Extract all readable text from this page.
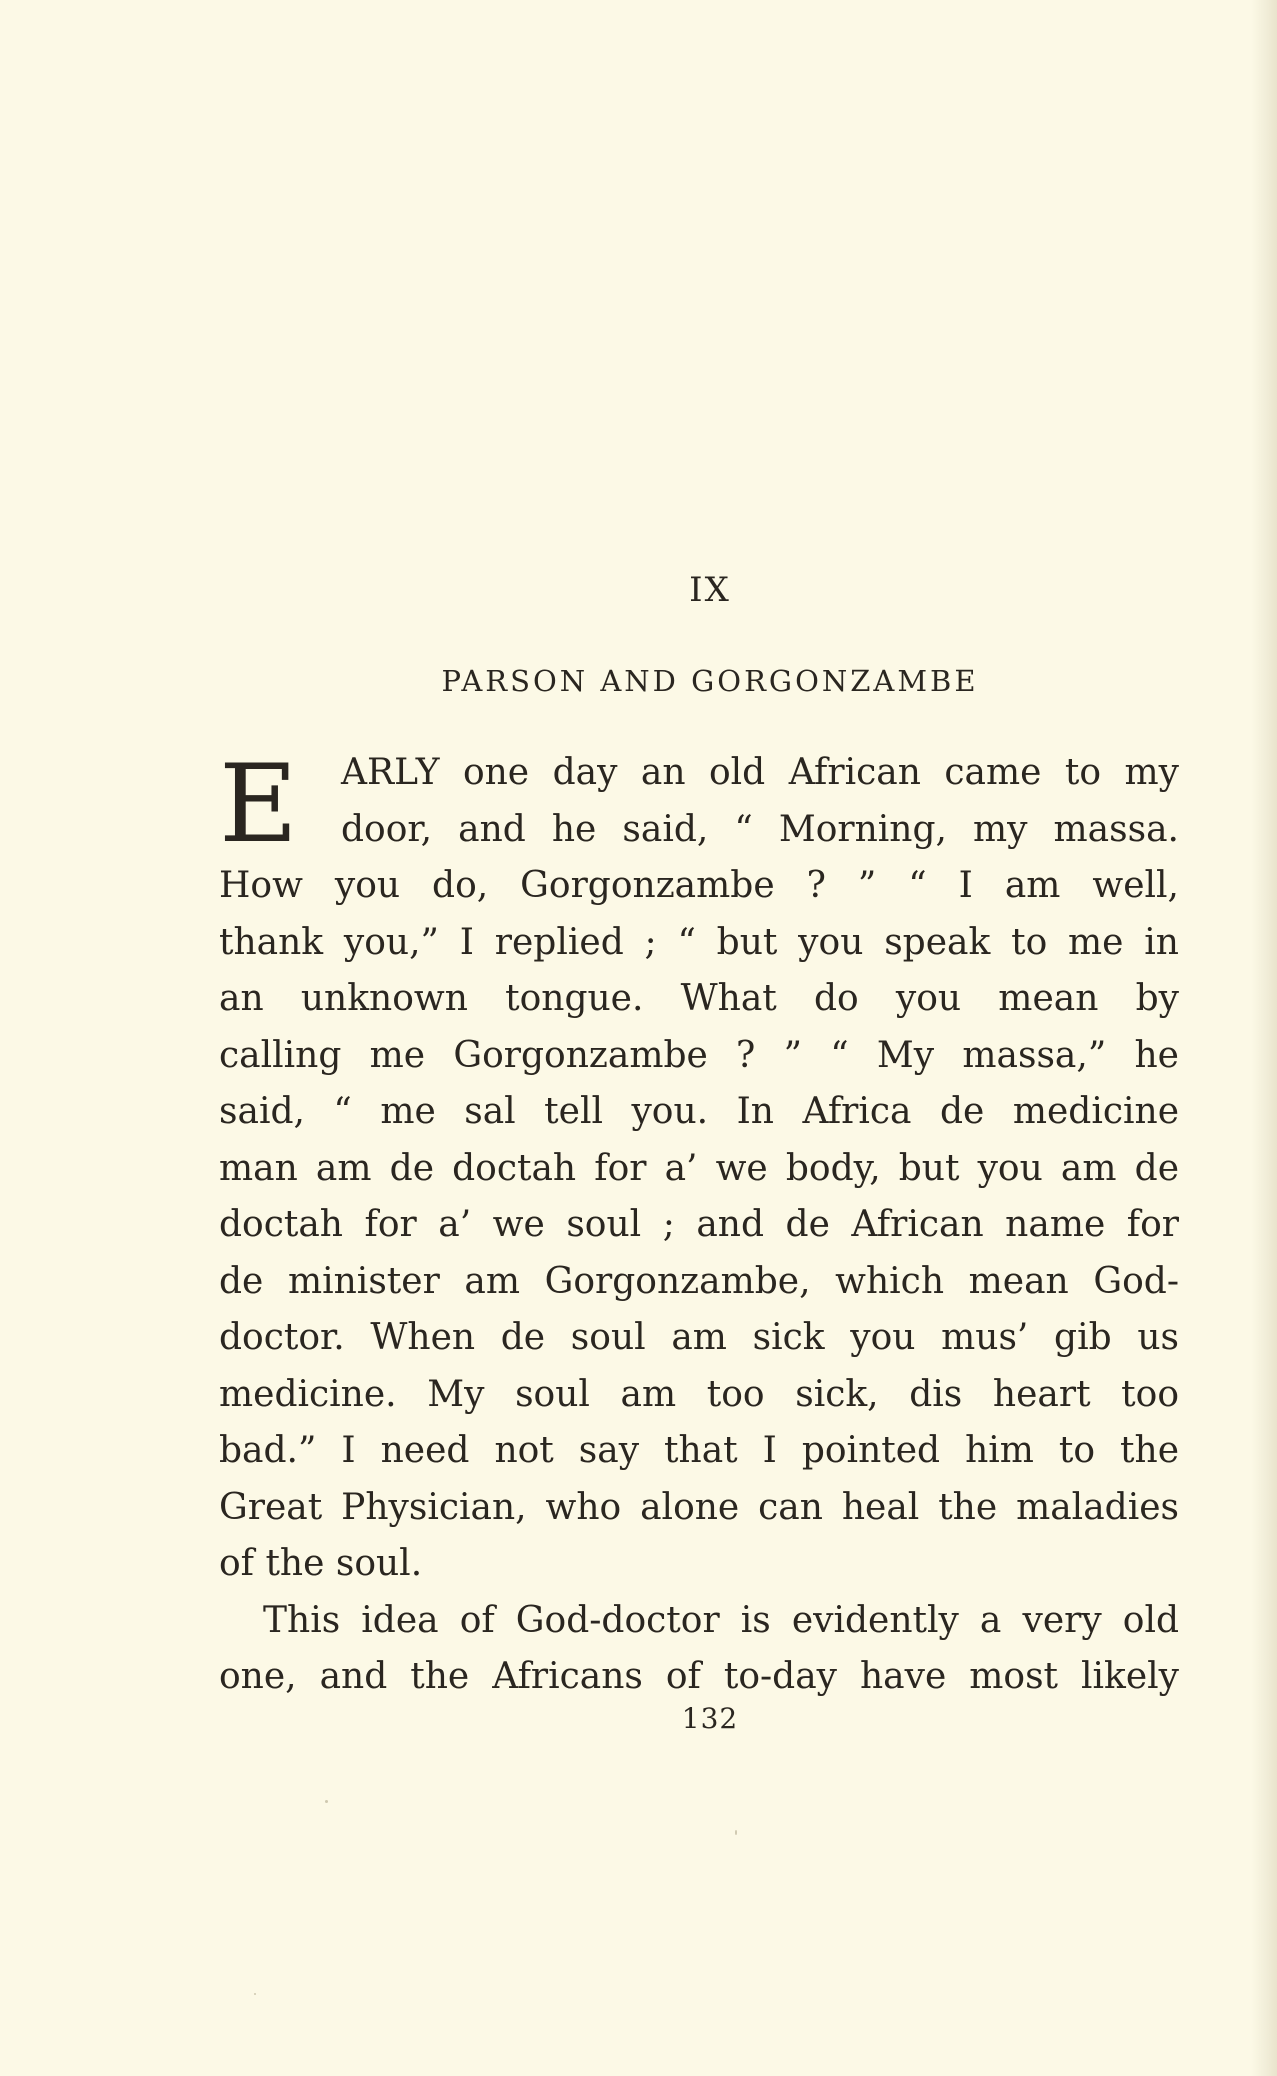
IX
PARSON AND GORGONZAMBE
E	ARLY one day an old African came to my
door, and he said, “ Morning, my massa.
How you do, Gorgonzambe ? ” “ I am well,
thank you,” I replied ; “ but you speak to me in
an unknown tongue. What do you mean by
calling me Gorgonzambe ? ” “ My massa,” he
said, “ me sal tell you. In Africa de medicine
man am de doctah for a’ we body, but you am de
doctah for a’ we soul ; and de African name for
de minister am Gorgonzambe, which mean God-
doctor. When de soul am sick you mus’ gib us
medicine. My soul am too sick, dis heart too
bad.” I need not say that I pointed him to the
Great Physician, who alone can heal the maladies
of the soul.
This idea of God-doctor is evidently a very old
one, and the Africans of to-day have most likely
132
